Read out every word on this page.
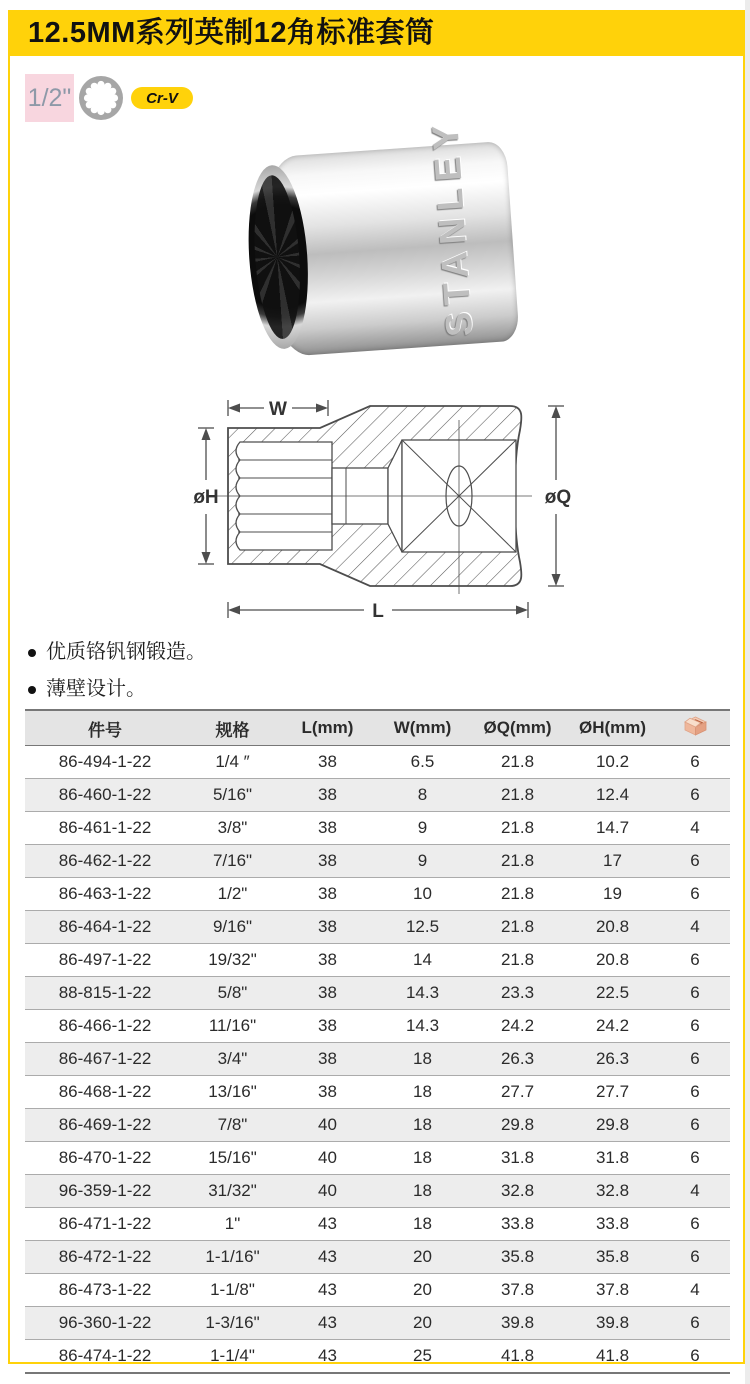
12.5MM系列英制12角标准套筒
1/2"	Cr-V
STANLEY
W
øH	øQ
L
优质铬钒钢锻造。
薄壁设计。
件号	规格	L(mm)	W(mm)	ØQ(mm)	ØH(mm)	
86-494-1-22	1/4 ″	38	6.5	21.8	10.2	6
86-460-1-22	5/16"	38	8	21.8	12.4	6
86-461-1-22	3/8"	38	9	21.8	14.7	4
86-462-1-22	7/16"	38	9	21.8	17	6
86-463-1-22	1/2"	38	10	21.8	19	6
86-464-1-22	9/16"	38	12.5	21.8	20.8	4
86-497-1-22	19/32"	38	14	21.8	20.8	6
88-815-1-22	5/8"	38	14.3	23.3	22.5	6
86-466-1-22	11/16"	38	14.3	24.2	24.2	6
86-467-1-22	3/4"	38	18	26.3	26.3	6
86-468-1-22	13/16"	38	18	27.7	27.7	6
86-469-1-22	7/8"	40	18	29.8	29.8	6
86-470-1-22	15/16"	40	18	31.8	31.8	6
96-359-1-22	31/32"	40	18	32.8	32.8	4
86-471-1-22	1"	43	18	33.8	33.8	6
86-472-1-22	1-1/16"	43	20	35.8	35.8	6
86-473-1-22	1-1/8"	43	20	37.8	37.8	4
96-360-1-22	1-3/16"	43	20	39.8	39.8	6
86-474-1-22	1-1/4"	43	25	41.8	41.8	6
